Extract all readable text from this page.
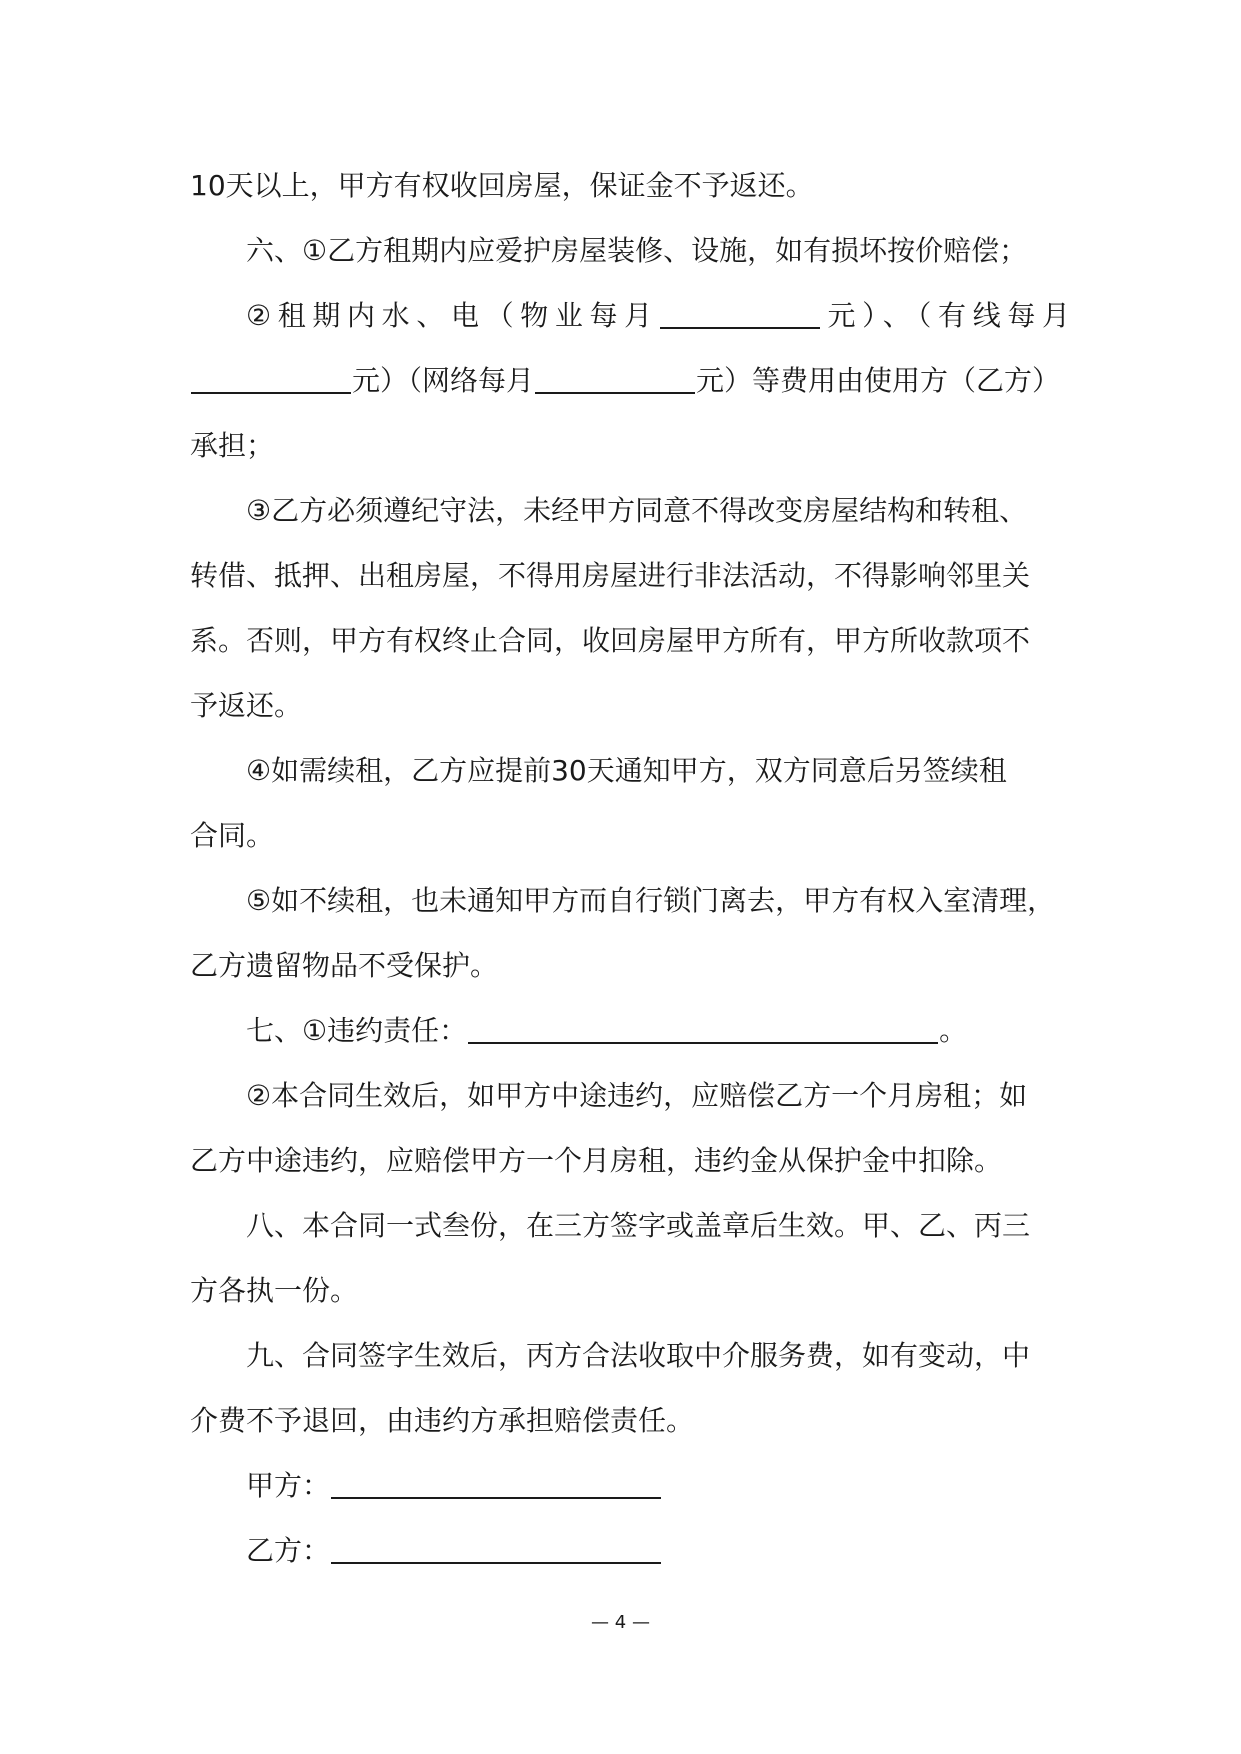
10天以上，甲方有权收回房屋，保证金不予返还。
六、①乙方租期内应爱护房屋装修、设施，如有损坏按价赔偿；
②租期内水、电（物业每月	元）、（有线每月
元）（网络每月	元）等费用由使用方（乙方）
承担；
③乙方必须遵纪守法，未经甲方同意不得改变房屋结构和转租、
转借、抵押、出租房屋，不得用房屋进行非法活动，不得影响邻里关
系。否则，甲方有权终止合同，收回房屋甲方所有，甲方所收款项不
予返还。
④如需续租，乙方应提前30天通知甲方，双方同意后另签续租
合同。
⑤如不续租，也未通知甲方而自行锁门离去，甲方有权入室清理，
乙方遗留物品不受保护。
七、①违约责任：	。
②本合同生效后，如甲方中途违约，应赔偿乙方一个月房租；如
乙方中途违约，应赔偿甲方一个月房租，违约金从保护金中扣除。
八、本合同一式叁份，在三方签字或盖章后生效。甲、乙、丙三
方各执一份。
九、合同签字生效后，丙方合法收取中介服务费，如有变动，中
介费不予退回，由违约方承担赔偿责任。
甲方：
乙方：
— 4 —
